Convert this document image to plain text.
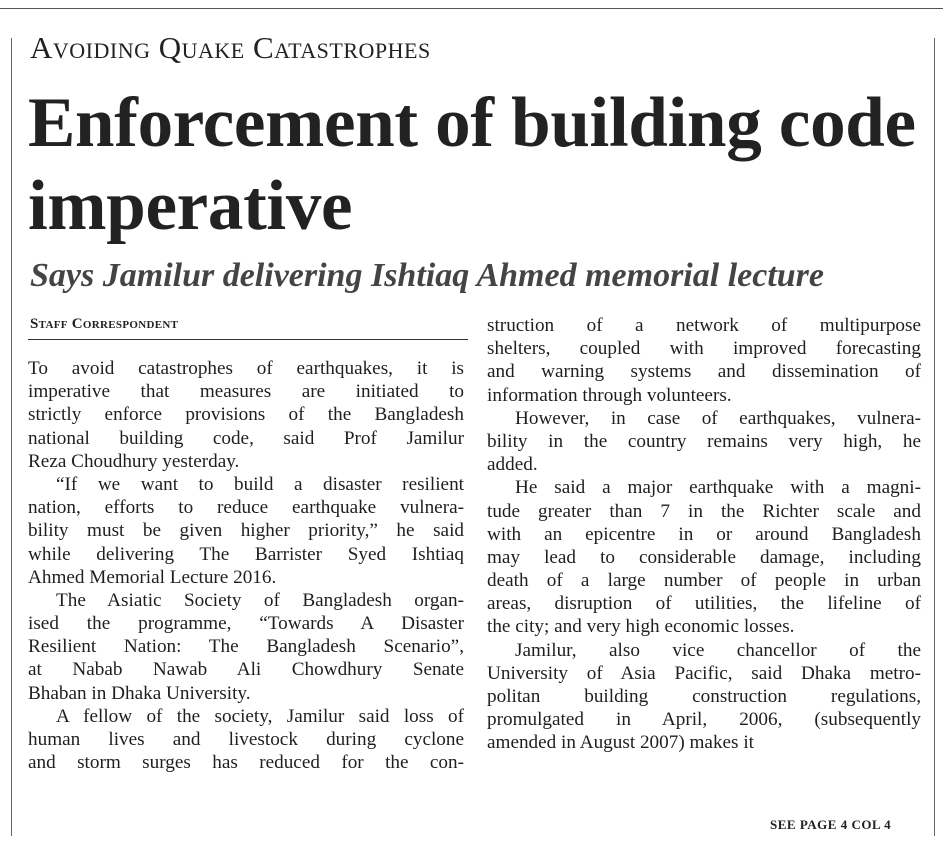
Avoiding Quake Catastrophes
Enforcement of building code imperative
Says Jamilur delivering Ishtiaq Ahmed memorial lecture
Staff Correspondent
To avoid catastrophes of earthquakes, it is
imperative that measures are initiated to
strictly enforce provisions of the Bangladesh
national building code, said Prof Jamilur
Reza Choudhury yesterday.
“If we want to build a disaster resilient
nation, efforts to reduce earthquake vulnera-
bility must be given higher priority,” he said
while delivering The Barrister Syed Ishtiaq
Ahmed Memorial Lecture 2016.
The Asiatic Society of Bangladesh organ-
ised the programme, “Towards A Disaster
Resilient Nation: The Bangladesh Scenario”,
at Nabab Nawab Ali Chowdhury Senate
Bhaban in Dhaka University.
A fellow of the society, Jamilur said loss of
human lives and livestock during cyclone
and storm surges has reduced for the con-
struction of a network of multipurpose
shelters, coupled with improved forecasting
and warning systems and dissemination of
information through volunteers.
However, in case of earthquakes, vulnera-
bility in the country remains very high, he
added.
He said a major earthquake with a magni-
tude greater than 7 in the Richter scale and
with an epicentre in or around Bangladesh
may lead to considerable damage, including
death of a large number of people in urban
areas, disruption of utilities, the lifeline of
the city; and very high economic losses.
Jamilur, also vice chancellor of the
University of Asia Pacific, said Dhaka metro-
politan building construction regulations,
promulgated in April, 2006, (subsequently
amended in August 2007) makes it
SEE PAGE 4 COL 4
